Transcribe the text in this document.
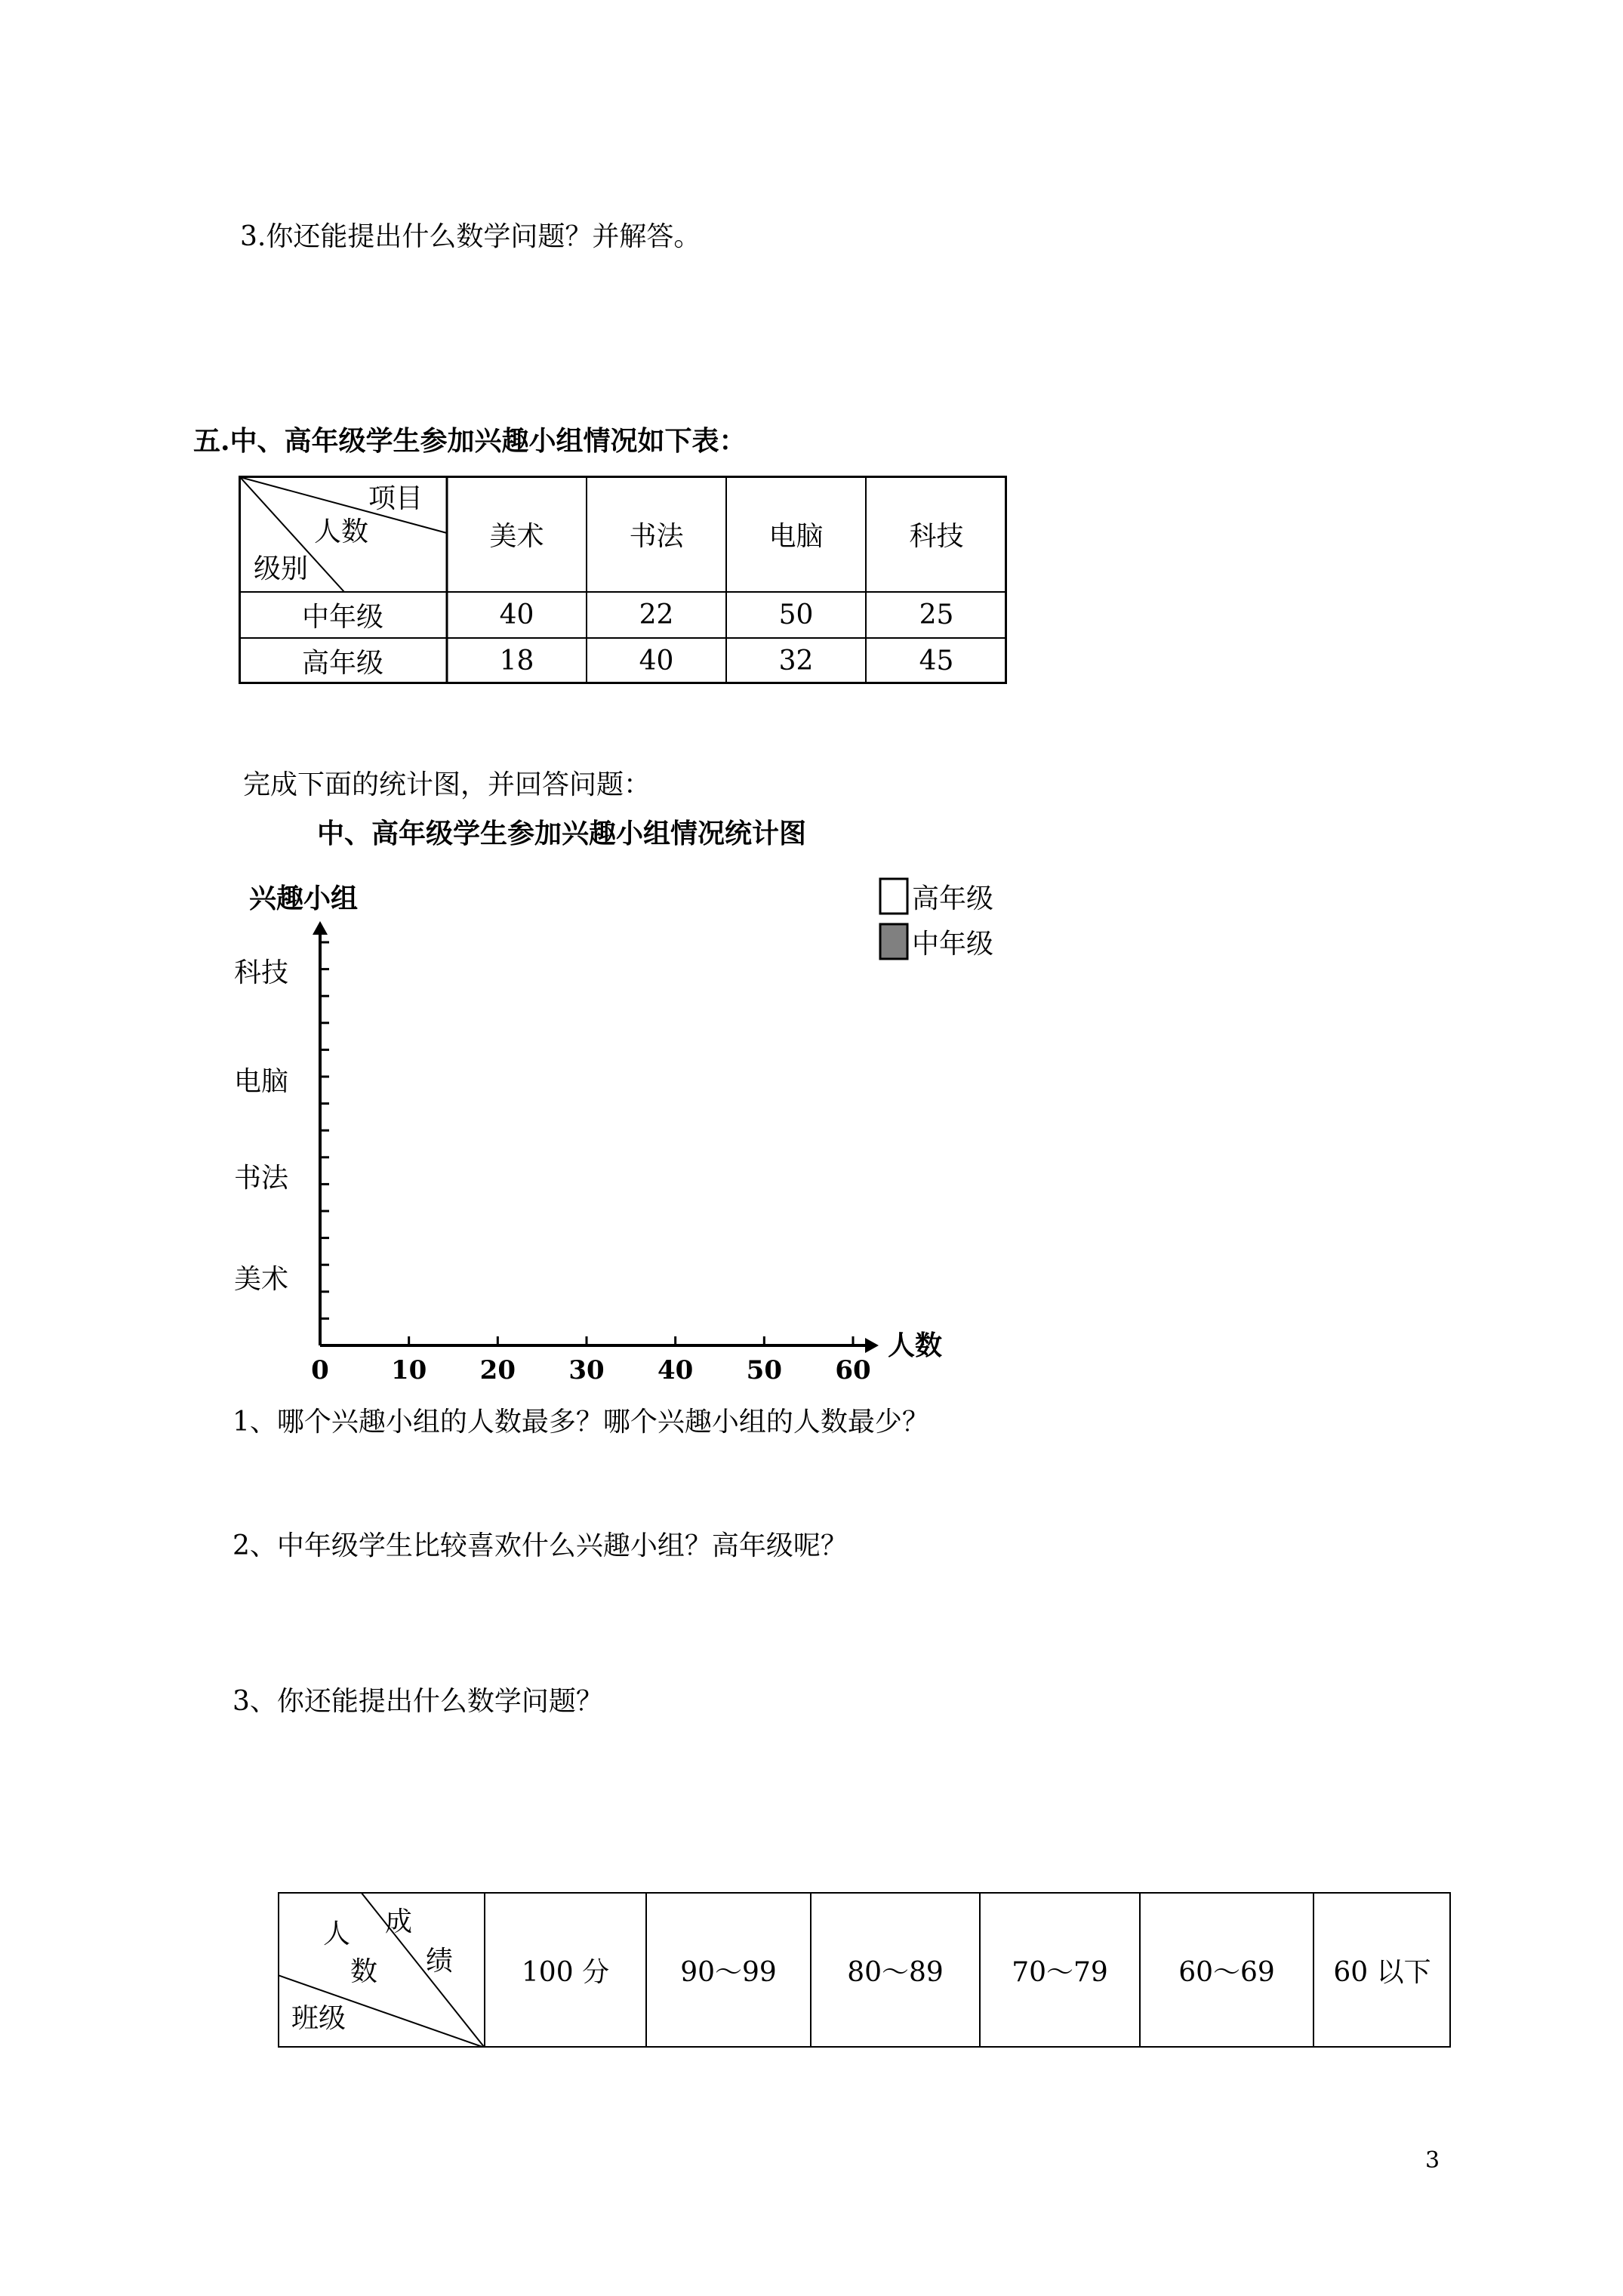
3.你还能提出什么数学问题？并解答。
五.中、高年级学生参加兴趣小组情况如下表：
项目
人数
级别
美术	书法	电脑	科技
中年级	40	22	50	25
高年级	18	40	32	45
完成下面的统计图，并回答问题：
中、高年级学生参加兴趣小组情况统计图
兴趣小组
人数
0 10 20 30 40 50 60
美术
书法
电脑
科技
高年级
中年级
1、哪个兴趣小组的人数最多？哪个兴趣小组的人数最少？
2、中年级学生比较喜欢什么兴趣小组？高年级呢？
3、你还能提出什么数学问题？
人 成
数 绩
班级
100 分	90～99	80～89	70～79	60～69	60 以下
3
